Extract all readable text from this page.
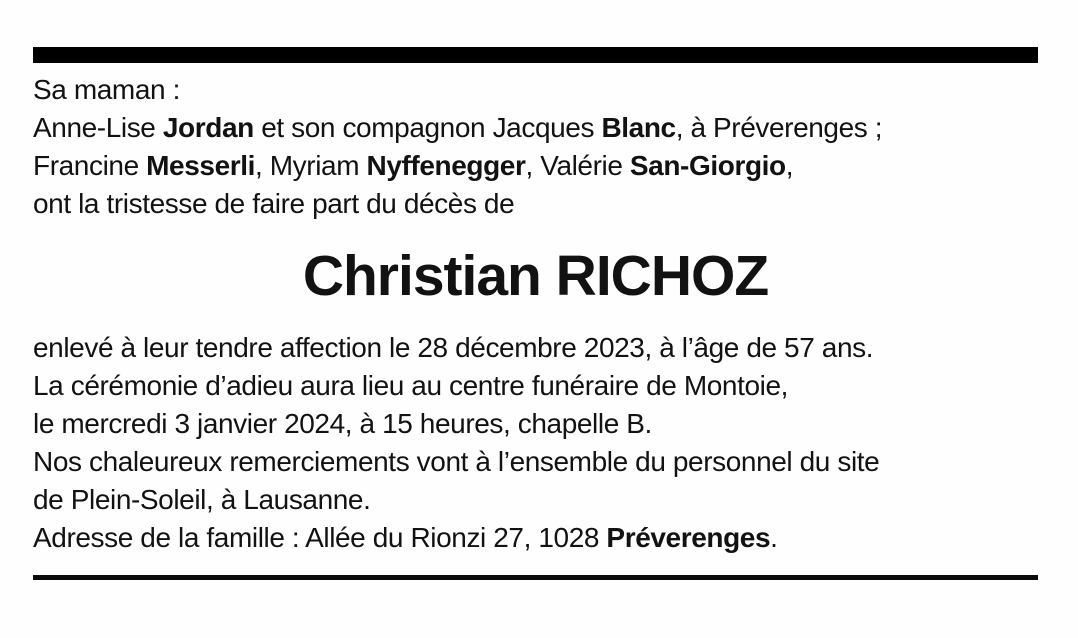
Sa maman :
Anne-Lise Jordan et son compagnon Jacques Blanc, à Préverenges ;
Francine Messerli, Myriam Nyffenegger, Valérie San-Giorgio,
ont la tristesse de faire part du décès de
Christian RICHOZ
enlevé à leur tendre affection le 28 décembre 2023, à l’âge de 57 ans.
La cérémonie d’adieu aura lieu au centre funéraire de Montoie,
le mercredi 3 janvier 2024, à 15 heures, chapelle B.
Nos chaleureux remerciements vont à l’ensemble du personnel du site
de Plein-Soleil, à Lausanne.
Adresse de la famille : Allée du Rionzi 27, 1028 Préverenges.
